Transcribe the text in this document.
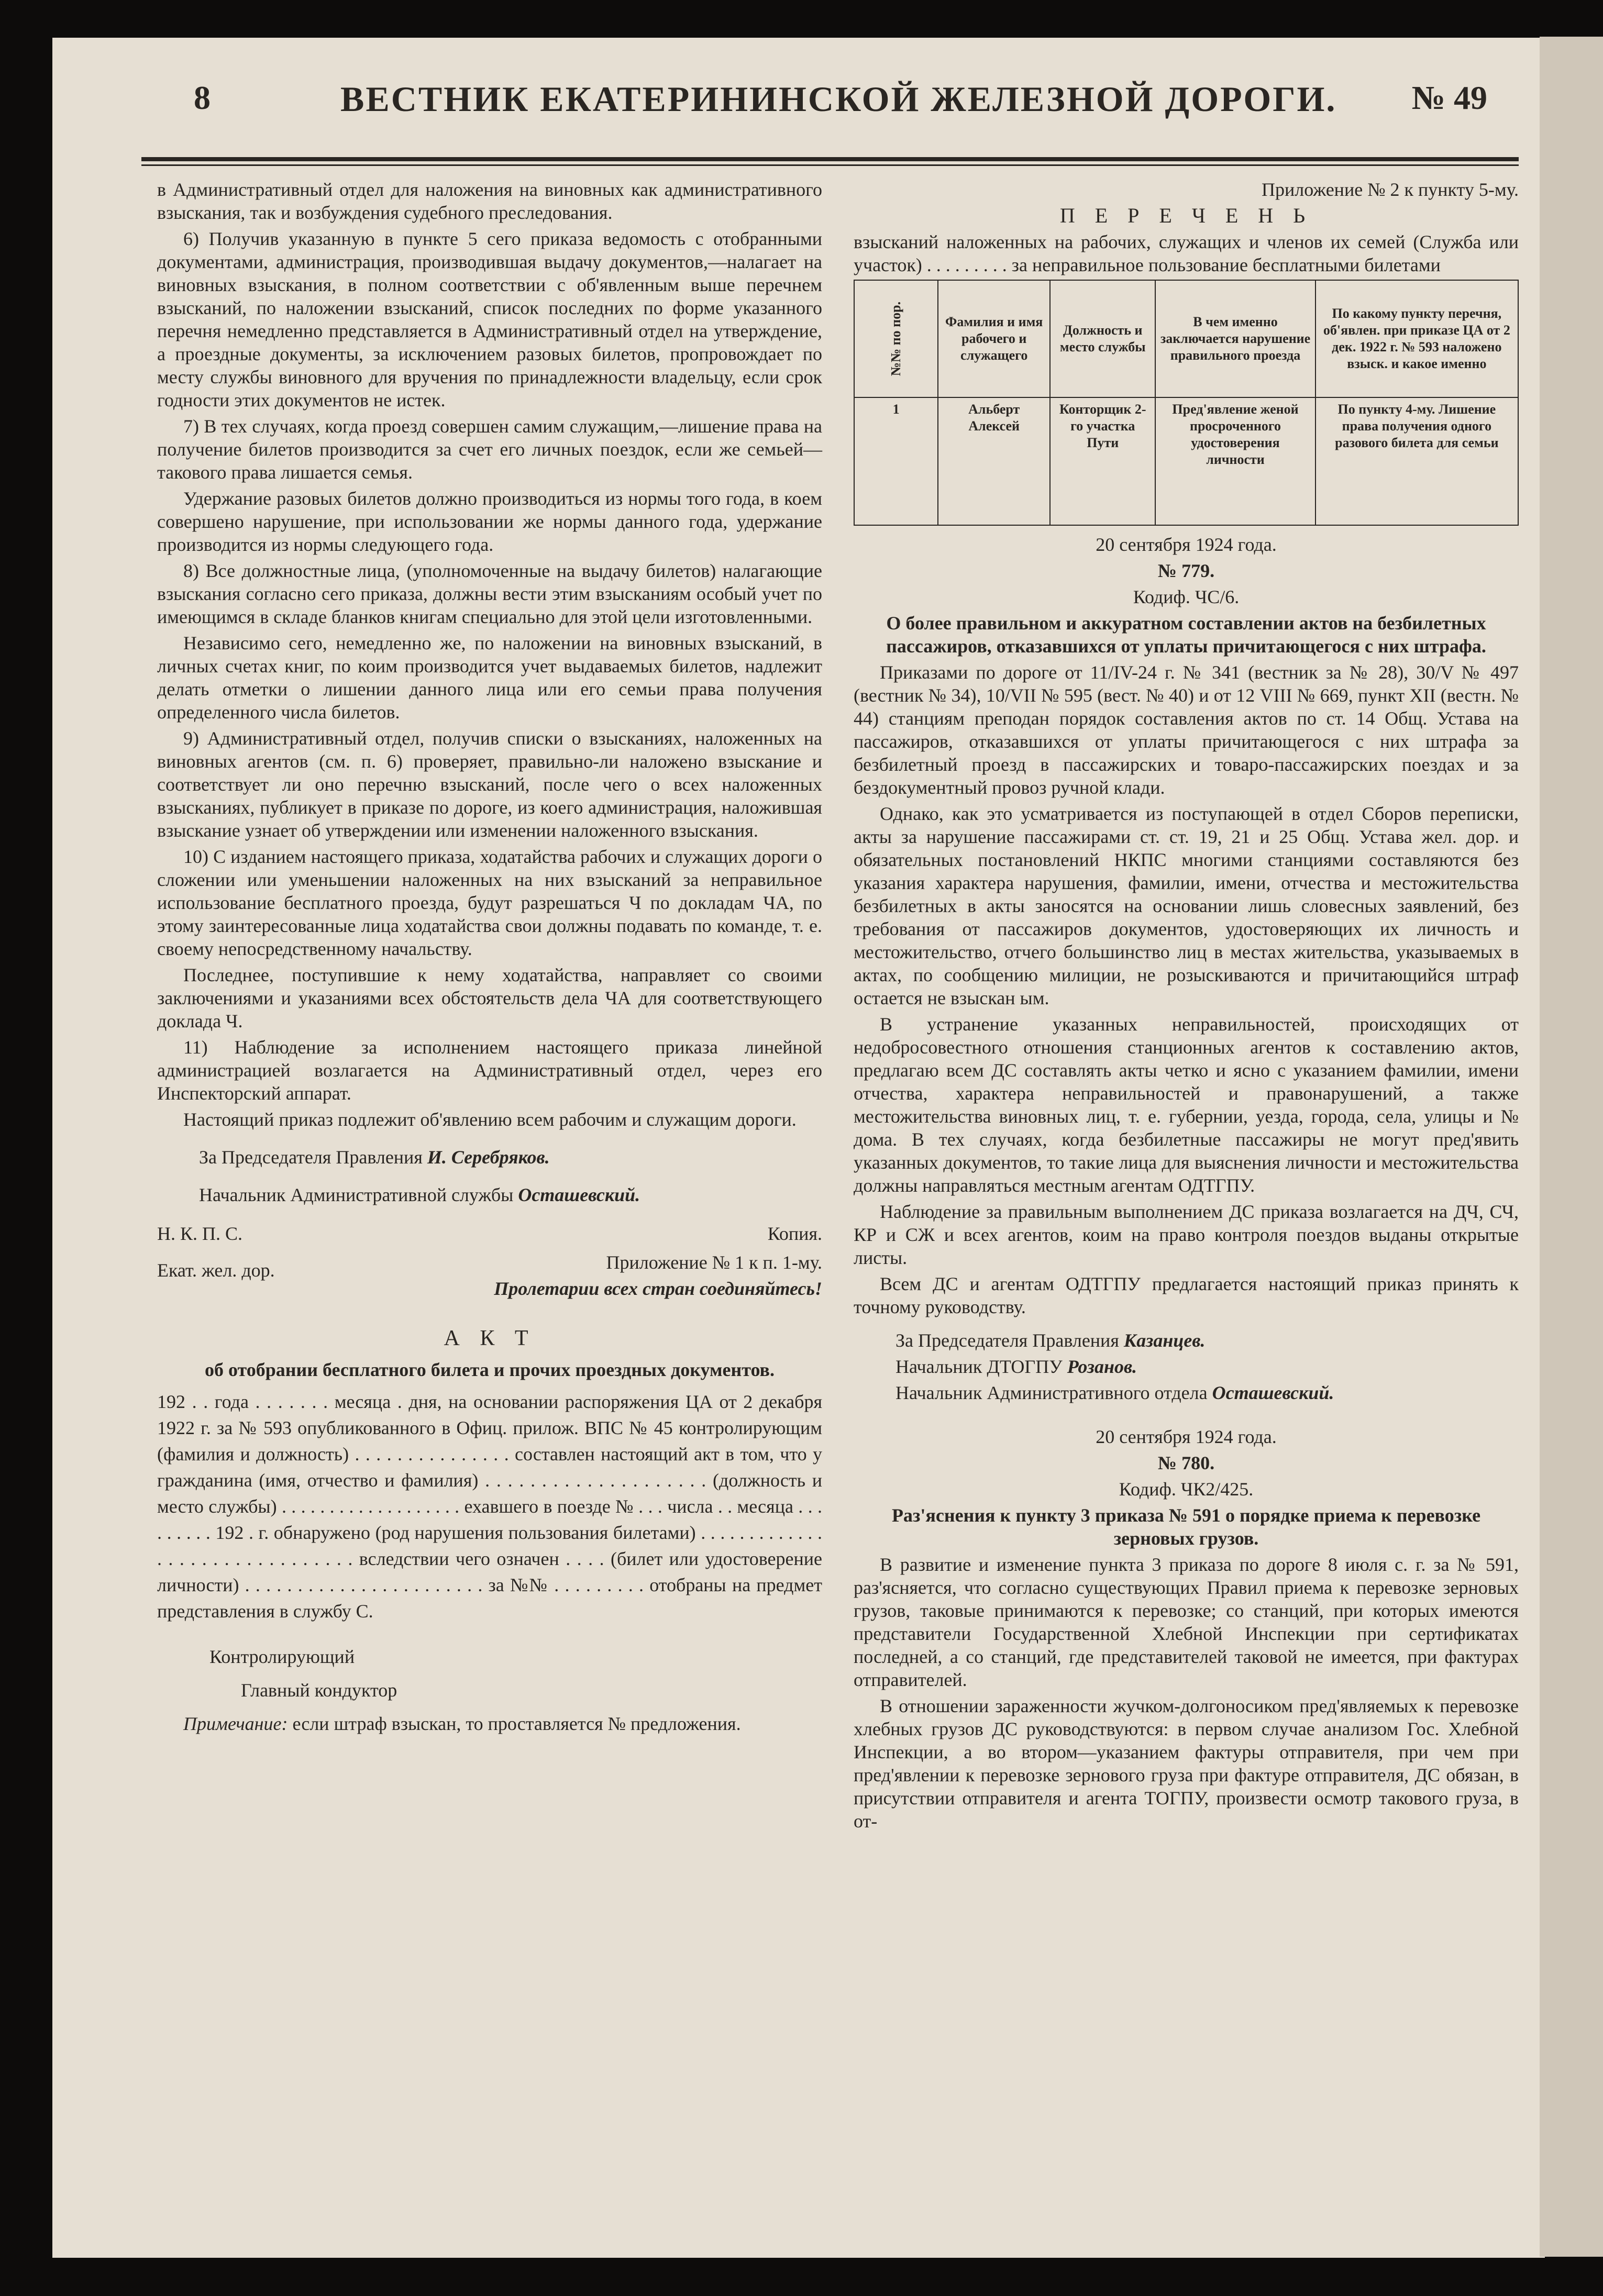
8	ВЕСТНИК ЕКАТЕРИНИНСКОЙ ЖЕЛЕЗНОЙ ДОРОГИ. № 49

в Административный отдел для наложения на виновных как административного взыскания, так и возбуждения судебного преследования.

6) Получив указанную в пункте 5 сего приказа ведомость с отобранными документами, администрация, производившая выдачу документов,—налагает на виновных взыскания, в полном соответствии с об'явленным выше перечнем взысканий, по наложении взысканий, список последних по форме указанного перечня немедленно представляется в Административный отдел на утверждение, а проездные документы, за исключением разовых билетов, пропровождает по месту службы виновного для вручения по принадлежности владельцу, если срок годности этих документов не истек.

7) В тех случаях, когда проезд совершен самим служащим,—лишение права на получение билетов производится за счет его личных поездок, если же семьей—такового права лишается семья.

Удержание разовых билетов должно производиться из нормы того года, в коем совершено нарушение, при использовании же нормы данного года, удержание производится из нормы следующего года.

8) Все должностные лица, (уполномоченные на выдачу билетов) налагающие взыскания согласно сего приказа, должны вести этим взысканиям особый учет по имеющимся в складе бланков книгам специально для этой цели изготовленными.

Независимо сего, немедленно же, по наложении на виновных взысканий, в личных счетах книг, по коим производится учет выдаваемых билетов, надлежит делать отметки о лишении данного лица или его семьи права получения определенного числа билетов.

9) Административный отдел, получив списки о взысканиях, наложенных на виновных агентов (см. п. 6) проверяет, правильно-ли наложено взыскание и соответствует ли оно перечню взысканий, после чего о всех наложенных взысканиях, публикует в приказе по дороге, из коего администрация, наложившая взыскание узнает об утверждении или изменении наложенного взыскания.

10) С изданием настоящего приказа, ходатайства рабочих и служащих дороги о сложении или уменьшении наложенных на них взысканий за неправильное использование бесплатного проезда, будут разрешаться Ч по докладам ЧА, по этому заинтересованные лица ходатайства свои должны подавать по команде, т. е. своему непосредственному начальству.

Последнее, поступившие к нему ходатайства, направляет со своими заключениями и указаниями всех обстоятельств дела ЧА для соответствующего доклада Ч.

11) Наблюдение за исполнением настоящего приказа линейной администрацией возлагается на Административный отдел, через его Инспекторский аппарат.

Настоящий приказ подлежит об'явлению всем рабочим и служащим дороги.

За Председателя Правления И. Серебряков.

Начальник Административной службы Осташевский.

Н. К. П. С.
Екат. жел. дор.
Копия.
Приложение № 1 к п. 1-му.
Пролетарии всех стран соединяйтесь!

А К Т

об отобрании бесплатного билета и прочих проездных документов.

192 . . года . . . . . . . месяца . дня, на основании распоряжения ЦА от 2 декабря 1922 г. за № 593 опубликованного в Офиц. прилож. ВПС № 45 контролирующим (фамилия и должность) . . . . . . . . . . . . . . . составлен настоящий акт в том, что у гражданина (имя, отчество и фамилия) . . . . . . . . . . . . . . . . . . . . (должность и место службы) . . . . . . . . . . . . . . . . . . . ехавшего в поезде № . . . числа . . месяца . . . . . . . . . 192 . г. обнаружено (род нарушения пользования билетами) . . . . . . . . . . . . . . . . . . . . . . . . . . . . . . . вследствии чего означен . . . . (билет или удостоверение личности) . . . . . . . . . . . . . . . . . . . . . . . за №№ . . . . . . . . . отобраны на предмет представления в службу С.

Контролирующий

Главный кондуктор

Примечание: если штраф взыскан, то проставляется № предложения.

Приложение № 2 к пункту 5-му.

П Е Р Е Ч Е Н Ь

взысканий наложенных на рабочих, служащих и членов их семей (Служба или участок) . . . . . . . . . за неправильное пользование бесплатными билетами

№№ по пор.	Фамилия и имя рабочего и служащего	Должность и место службы	В чем именно заключается нарушение правильного проезда	По какому пункту перечня, об'явлен. при приказе ЦА от 2 дек. 1922 г. № 593 наложено взыск. и какое именно
1	Альберт Алексей	Конторщик 2-го участка Пути	Пред'явление женой просроченного удостоверения личности	По пункту 4-му. Лишение права получения одного разового билета для семьи

20 сентября 1924 года.

№ 779.

Кодиф. ЧС/6.

О более правильном и аккуратном составлении актов на безбилетных пассажиров, отказавшихся от уплаты причитающегося с них штрафа.

Приказами по дороге от 11/IV-24 г. № 341 (вестник за № 28), 30/V № 497 (вестник № 34), 10/VII № 595 (вест. № 40) и от 12 VIII № 669, пункт XII (вестн. № 44) станциям преподан порядок составления актов по ст. 14 Общ. Устава на пассажиров, отказавшихся от уплаты причитающегося с них штрафа за безбилетный проезд в пассажирских и товаро-пассажирских поездах и за бездокументный провоз ручной клади.

Однако, как это усматривается из поступающей в отдел Сборов переписки, акты за нарушение пассажирами ст. ст. 19, 21 и 25 Общ. Устава жел. дор. и обязательных постановлений НКПС многими станциями составляются без указания характера нарушения, фамилии, имени, отчества и местожительства безбилетных в акты заносятся на основании лишь словесных заявлений, без требования от пассажиров документов, удостоверяющих их личность и местожительство, отчего большинство лиц в местах жительства, указываемых в актах, по сообщению милиции, не розыскиваются и причитающийся штраф остается не взыскан ым.

В устранение указанных неправильностей, происходящих от недобросовестного отношения станционных агентов к составлению актов, предлагаю всем ДС составлять акты четко и ясно с указанием фамилии, имени отчества, характера неправильностей и правонарушений, а также местожительства виновных лиц, т. е. губернии, уезда, города, села, улицы и № дома. В тех случаях, когда безбилетные пассажиры не могут пред'явить указанных документов, то такие лица для выяснения личности и местожительства должны направляться местным агентам ОДТГПУ.

Наблюдение за правильным выполнением ДС приказа возлагается на ДЧ, СЧ, КР и СЖ и всех агентов, коим на право контроля поездов выданы открытые листы.

Всем ДС и агентам ОДТГПУ предлагается настоящий приказ принять к точному руководству.

За Председателя Правления Казанцев.

Начальник ДТОГПУ Розанов.

Начальник Административного отдела Осташевский.

20 сентября 1924 года.

№ 780.

Кодиф. ЧК2/425.

Раз'яснения к пункту 3 приказа № 591 о порядке приема к перевозке зерновых грузов.

В развитие и изменение пункта 3 приказа по дороге 8 июля с. г. за № 591, раз'ясняется, что согласно существующих Правил приема к перевозке зерновых грузов, таковые принимаются к перевозке; со станций, при которых имеются представители Государственной Хлебной Инспекции при сертификатах последней, а со станций, где представителей таковой не имеется, при фактурах отправителей.

В отношении зараженности жучком-долгоносиком пред'являемых к перевозке хлебных грузов ДС руководствуются: в первом случае анализом Гос. Хлебной Инспекции, а во втором—указанием фактуры отправителя, при чем при пред'явлении к перевозке зернового груза при фактуре отправителя, ДС обязан, в присутствии отправителя и агента ТОГПУ, произвести осмотр такового груза, в от-
